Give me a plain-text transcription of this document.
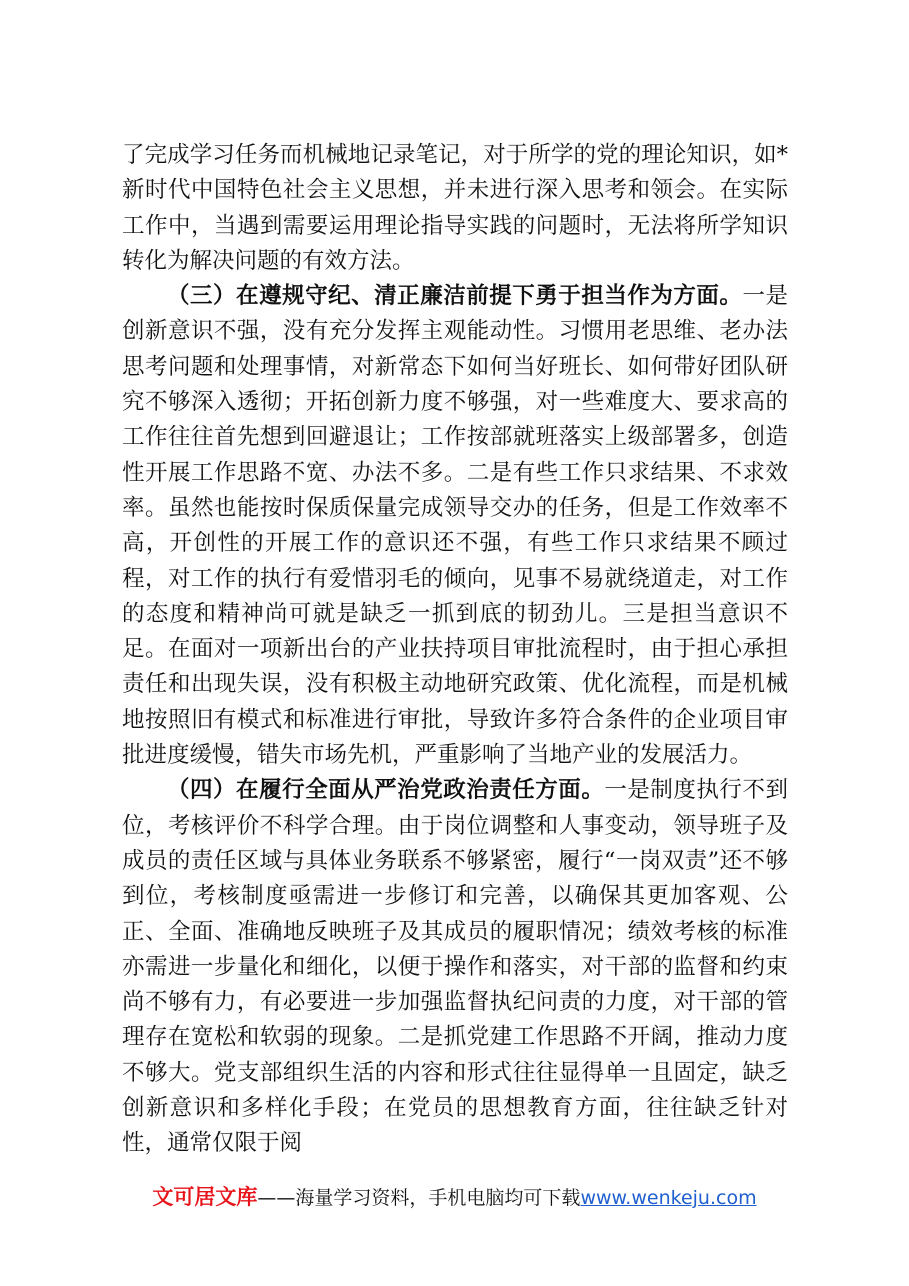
了完成学习任务而机械地记录笔记，对于所学的党的理论知识，如*新时代中国特色社会主义思想，并未进行深入思考和领会。在实际工作中，当遇到需要运用理论指导实践的问题时，无法将所学知识转化为解决问题的有效方法。

（三）在遵规守纪、清正廉洁前提下勇于担当作为方面。一是创新意识不强，没有充分发挥主观能动性。习惯用老思维、老办法思考问题和处理事情，对新常态下如何当好班长、如何带好团队研究不够深入透彻；开拓创新力度不够强，对一些难度大、要求高的工作往往首先想到回避退让；工作按部就班落实上级部署多，创造性开展工作思路不宽、办法不多。二是有些工作只求结果、不求效率。虽然也能按时保质保量完成领导交办的任务，但是工作效率不高，开创性的开展工作的意识还不强，有些工作只求结果不顾过程，对工作的执行有爱惜羽毛的倾向，见事不易就绕道走，对工作的态度和精神尚可就是缺乏一抓到底的韧劲儿。三是担当意识不足。在面对一项新出台的产业扶持项目审批流程时，由于担心承担责任和出现失误，没有积极主动地研究政策、优化流程，而是机械地按照旧有模式和标准进行审批，导致许多符合条件的企业项目审批进度缓慢，错失市场先机，严重影响了当地产业的发展活力。

（四）在履行全面从严治党政治责任方面。一是制度执行不到位，考核评价不科学合理。由于岗位调整和人事变动，领导班子及成员的责任区域与具体业务联系不够紧密，履行“一岗双责”还不够到位，考核制度亟需进一步修订和完善，以确保其更加客观、公正、全面、准确地反映班子及其成员的履职情况；绩效考核的标准亦需进一步量化和细化，以便于操作和落实，对干部的监督和约束尚不够有力，有必要进一步加强监督执纪问责的力度，对干部的管理存在宽松和软弱的现象。二是抓党建工作思路不开阔，推动力度不够大。党支部组织生活的内容和形式往往显得单一且固定，缺乏创新意识和多样化手段；在党员的思想教育方面，往往缺乏针对性，通常仅限于阅

文可居文库——海量学习资料，手机电脑均可下载www.wenkeju.com
